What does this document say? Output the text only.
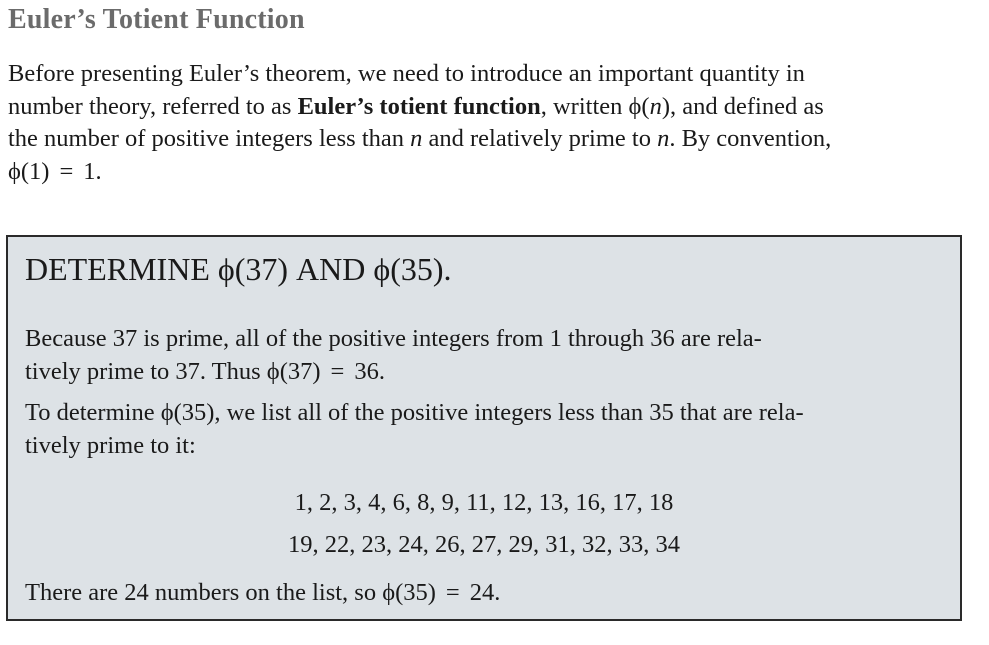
Euler’s Totient Function
Before presenting Euler’s theorem, we need to introduce an important quantity in
number theory, referred to as Euler’s totient function, written ϕ(n), and defined as
the number of positive integers less than n and relatively prime to n. By convention,
ϕ(1) = 1.
DETERMINE ϕ(37) AND ϕ(35).
Because 37 is prime, all of the positive integers from 1 through 36 are rela-
tively prime to 37. Thus ϕ(37) = 36.
To determine ϕ(35), we list all of the positive integers less than 35 that are rela-
tively prime to it:
1, 2, 3, 4, 6, 8, 9, 11, 12, 13, 16, 17, 18
19, 22, 23, 24, 26, 27, 29, 31, 32, 33, 34
There are 24 numbers on the list, so ϕ(35) = 24.
